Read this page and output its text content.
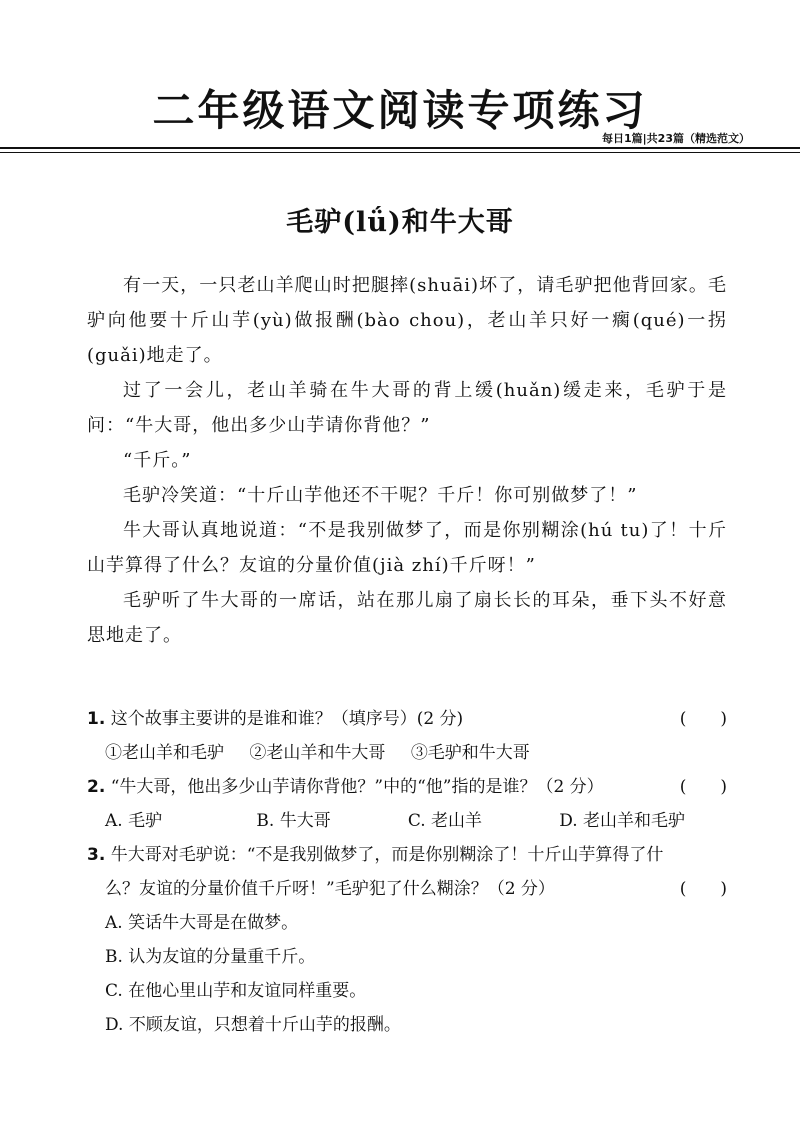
二年级语文阅读专项练习
每日1篇|共23篇（精选范文）
毛驴(lǘ)和牛大哥

有一天，一只老山羊爬山时把腿摔(shuāi)坏了，请毛驴把他背回家。毛驴向他要十斤山芋(yù)做报酬(bào chou)，老山羊只好一瘸(qué)一拐(guǎi)地走了。

过了一会儿，老山羊骑在牛大哥的背上缓(huǎn)缓走来，毛驴于是问：“牛大哥，他出多少山芋请你背他？”

“千斤。”

毛驴冷笑道：“十斤山芋他还不干呢？千斤！你可别做梦了！”

牛大哥认真地说道：“不是我别做梦了，而是你别糊涂(hú tu)了！十斤山芋算得了什么？友谊的分量价值(jià zhí)千斤呀！”

毛驴听了牛大哥的一席话，站在那儿扇了扇长长的耳朵，垂下头不好意思地走了。

1. 这个故事主要讲的是谁和谁？（填序号）(2 分)	(　　)
①老山羊和毛驴 ②老山羊和牛大哥 ③毛驴和牛大哥
2. “牛大哥，他出多少山芋请你背他？”中的“他”指的是谁？（2 分）	(　　)
A. 毛驴	B. 牛大哥	C. 老山羊	D. 老山羊和毛驴
3. 牛大哥对毛驴说：“不是我别做梦了，而是你别糊涂了！十斤山芋算得了什
么？友谊的分量价值千斤呀！”毛驴犯了什么糊涂？（2 分）	(　　)
A. 笑话牛大哥是在做梦。
B. 认为友谊的分量重千斤。
C. 在他心里山芋和友谊同样重要。
D. 不顾友谊，只想着十斤山芋的报酬。
